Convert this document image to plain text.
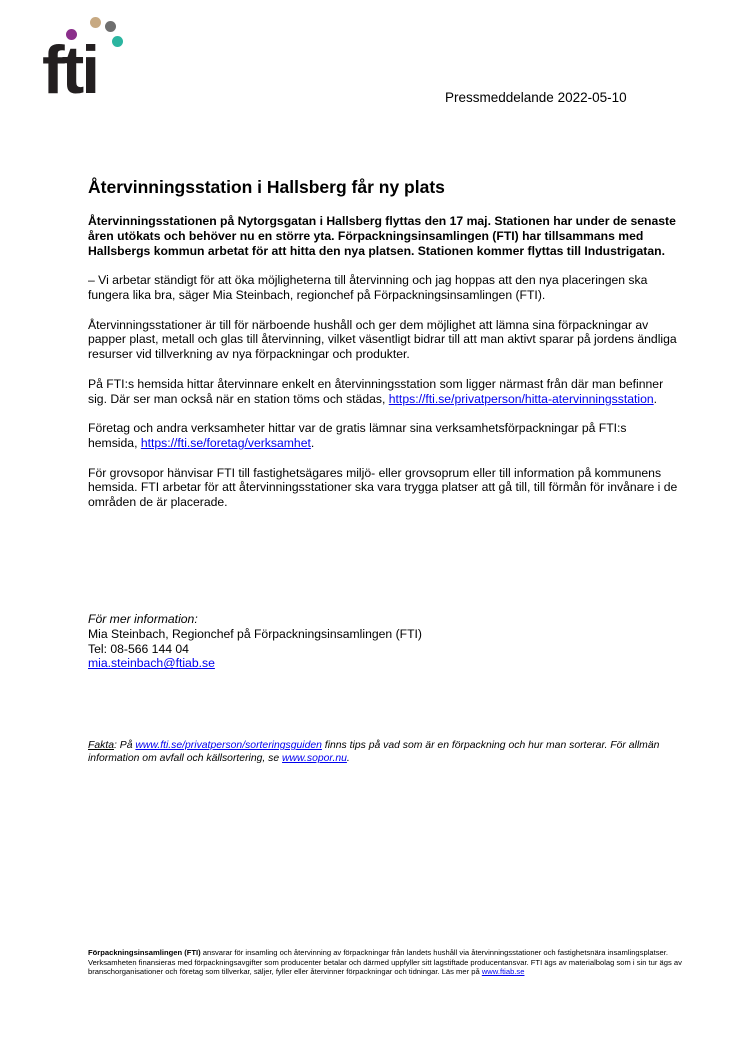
fti	Pressmeddelande 2022-05-10
Återvinningsstation i Hallsberg får ny plats

Återvinningsstationen på Nytorgsgatan i Hallsberg flyttas den 17 maj. Stationen har under de senaste åren utökats och behöver nu en större yta. Förpackningsinsamlingen (FTI) har tillsammans med Hallsbergs kommun arbetat för att hitta den nya platsen. Stationen kommer flyttas till Industrigatan.

– Vi arbetar ständigt för att öka möjligheterna till återvinning och jag hoppas att den nya placeringen ska fungera lika bra, säger Mia Steinbach, regionchef på Förpackningsinsamlingen (FTI).

Återvinningsstationer är till för närboende hushåll och ger dem möjlighet att lämna sina förpackningar av papper plast, metall och glas till återvinning, vilket väsentligt bidrar till att man aktivt sparar på jordens ändliga resurser vid tillverkning av nya förpackningar och produkter.

På FTI:s hemsida hittar återvinnare enkelt en återvinningsstation som ligger närmast från där man befinner sig. Där ser man också när en station töms och städas, https://fti.se/privatperson/hitta-atervinningsstation.

Företag och andra verksamheter hittar var de gratis lämnar sina verksamhetsförpackningar på FTI:s hemsida, https://fti.se/foretag/verksamhet.

För grovsopor hänvisar FTI till fastighetsägares miljö- eller grovsoprum eller till information på kommunens hemsida. FTI arbetar för att återvinningsstationer ska vara trygga platser att gå till, till förmån för invånare i de områden de är placerade.

För mer information:
Mia Steinbach, Regionchef på Förpackningsinsamlingen (FTI)
Tel: 08-566 144 04
mia.steinbach@ftiab.se
Fakta: På www.fti.se/privatperson/sorteringsguiden finns tips på vad som är en förpackning och hur man sorterar. För allmän information om avfall och källsortering, se www.sopor.nu.
Förpackningsinsamlingen (FTI) ansvarar för insamling och återvinning av förpackningar från landets hushåll via återvinningsstationer och fastighetsnära insamlingsplatser. Verksamheten finansieras med förpackningsavgifter som producenter betalar och därmed uppfyller sitt lagstiftade producentansvar. FTI ägs av materialbolag som i sin tur ägs av branschorganisationer och företag som tillverkar, säljer, fyller eller återvinner förpackningar och tidningar. Läs mer på www.ftiab.se
